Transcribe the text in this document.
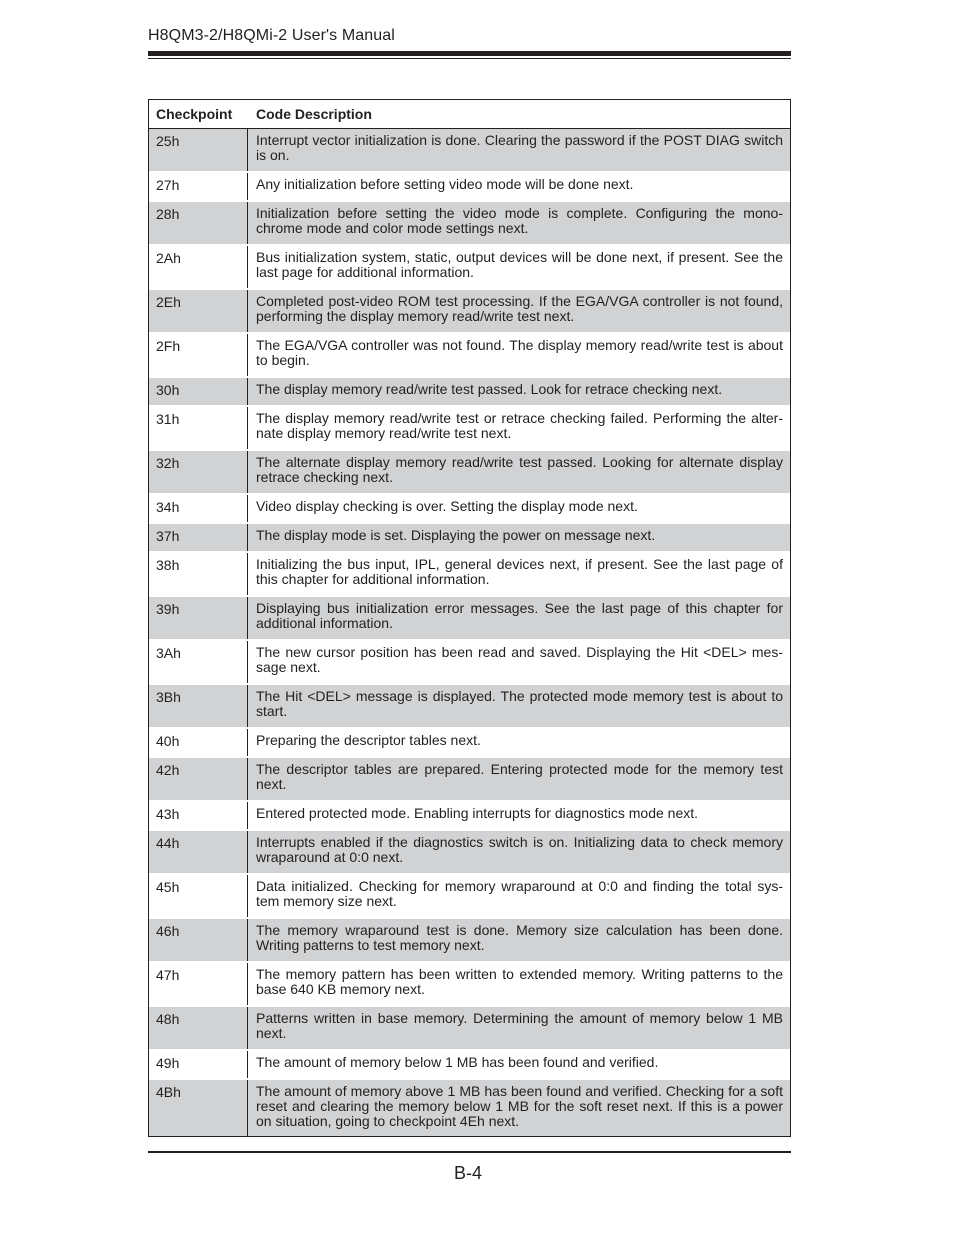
H8QM3-2/H8QMi-2 User's Manual
Checkpoint	Code Description
25h	Interrupt vector initialization is done. Clearing the password if the POST DIAG switch is on.
27h	Any initialization before setting video mode will be done next.
28h	Initialization before setting the video mode is complete. Configuring the mono-chrome mode and color mode settings next.
2Ah	Bus initialization system, static, output devices will be done next, if present. See the last page for additional information.
2Eh	Completed post-video ROM test processing. If the EGA/VGA controller is not found, performing the display memory read/write test next.
2Fh	The EGA/VGA controller was not found. The display memory read/write test is about to begin.
30h	The display memory read/write test passed. Look for retrace checking next.
31h	The display memory read/write test or retrace checking failed. Performing the alter-nate display memory read/write test next.
32h	The alternate display memory read/write test passed. Looking for alternate display retrace checking next.
34h	Video display checking is over. Setting the display mode next.
37h	The display mode is set. Displaying the power on message next.
38h	Initializing the bus input, IPL, general devices next, if present. See the last page of this chapter for additional information.
39h	Displaying bus initialization error messages. See the last page of this chapter for additional information.
3Ah	The new cursor position has been read and saved. Displaying the Hit <DEL> mes-sage next.
3Bh	The Hit <DEL> message is displayed. The protected mode memory test is about to start.
40h	Preparing the descriptor tables next.
42h	The descriptor tables are prepared. Entering protected mode for the memory test next.
43h	Entered protected mode. Enabling interrupts for diagnostics mode next.
44h	Interrupts enabled if the diagnostics switch is on. Initializing data to check memory wraparound at 0:0 next.
45h	Data initialized. Checking for memory wraparound at 0:0 and finding the total sys-tem memory size next.
46h	The memory wraparound test is done. Memory size calculation has been done. Writing patterns to test memory next.
47h	The memory pattern has been written to extended memory. Writing patterns to the base 640 KB memory next.
48h	Patterns written in base memory. Determining the amount of memory below 1 MB next.
49h	The amount of memory below 1 MB has been found and verified.
4Bh	The amount of memory above 1 MB has been found and verified. Checking for a soft reset and clearing the memory below 1 MB for the soft reset next. If this is a power on situation, going to checkpoint 4Eh next.
B-4
